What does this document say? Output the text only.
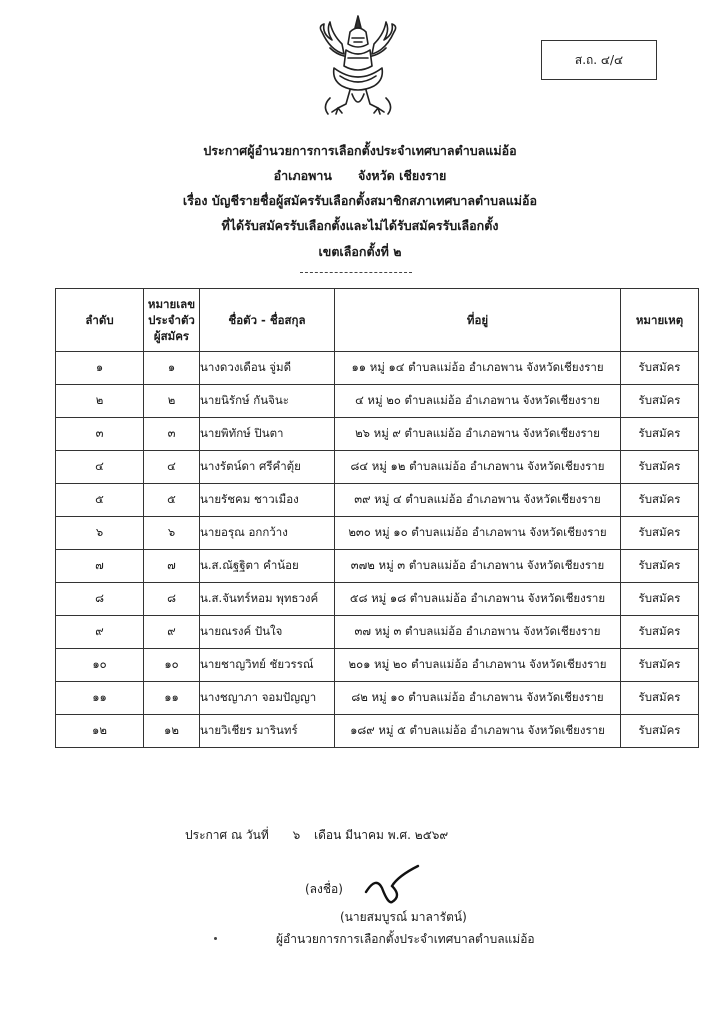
ส.ถ. ๔/๔
ประกาศผู้อำนวยการการเลือกตั้งประจำเทศบาลตำบลแม่อ้อ
อำเภอพาน จังหวัด เชียงราย
เรื่อง บัญชีรายชื่อผู้สมัครรับเลือกตั้งสมาชิกสภาเทศบาลตำบลแม่อ้อ
ที่ได้รับสมัครรับเลือกตั้งและไม่ได้รับสมัครรับเลือกตั้ง
เขตเลือกตั้งที่ ๒
ลำดับ	หมายเลข
ประจำตัว
ผู้สมัคร	ชื่อตัว - ชื่อสกุล	ที่อยู่	หมายเหตุ
๑	๑	นางดวงเดือน จู่มดี	๑๑ หมู่ ๑๔ ตำบลแม่อ้อ อำเภอพาน จังหวัดเชียงราย	รับสมัคร
๒	๒	นายนิรักษ์ กันจินะ	๔ หมู่ ๒๐ ตำบลแม่อ้อ อำเภอพาน จังหวัดเชียงราย	รับสมัคร
๓	๓	นายพิทักษ์ ปินตา	๒๖ หมู่ ๙ ตำบลแม่อ้อ อำเภอพาน จังหวัดเชียงราย	รับสมัคร
๔	๔	นางรัตน์ดา ศรีคำตุ้ย	๘๔ หมู่ ๑๒ ตำบลแม่อ้อ อำเภอพาน จังหวัดเชียงราย	รับสมัคร
๕	๕	นายรัชคม ชาวเมือง	๓๙ หมู่ ๔ ตำบลแม่อ้อ อำเภอพาน จังหวัดเชียงราย	รับสมัคร
๖	๖	นายอรุณ อกกว้าง	๒๓๐ หมู่ ๑๐ ตำบลแม่อ้อ อำเภอพาน จังหวัดเชียงราย	รับสมัคร
๗	๗	น.ส.ณัฐฐิตา คำน้อย	๓๗๒ หมู่ ๓ ตำบลแม่อ้อ อำเภอพาน จังหวัดเชียงราย	รับสมัคร
๘	๘	น.ส.จันทร์หอม พุทธวงค์	๕๘ หมู่ ๑๘ ตำบลแม่อ้อ อำเภอพาน จังหวัดเชียงราย	รับสมัคร
๙	๙	นายณรงค์ ปันใจ	๓๗ หมู่ ๓ ตำบลแม่อ้อ อำเภอพาน จังหวัดเชียงราย	รับสมัคร
๑๐	๑๐	นายชาญวิทย์ ชัยวรรณ์	๒๐๑ หมู่ ๒๐ ตำบลแม่อ้อ อำเภอพาน จังหวัดเชียงราย	รับสมัคร
๑๑	๑๑	นางชญาภา จอมปัญญา	๘๒ หมู่ ๑๐ ตำบลแม่อ้อ อำเภอพาน จังหวัดเชียงราย	รับสมัคร
๑๒	๑๒	นายวิเชียร มารินทร์	๑๘๙ หมู่ ๕ ตำบลแม่อ้อ อำเภอพาน จังหวัดเชียงราย	รับสมัคร
ประกาศ ณ วันที่ ๖ เดือน มีนาคม พ.ศ. ๒๕๖๙
(ลงชื่อ)
(นายสมบูรณ์ มาลารัตน์)
ผู้อำนวยการการเลือกตั้งประจำเทศบาลตำบลแม่อ้อ
